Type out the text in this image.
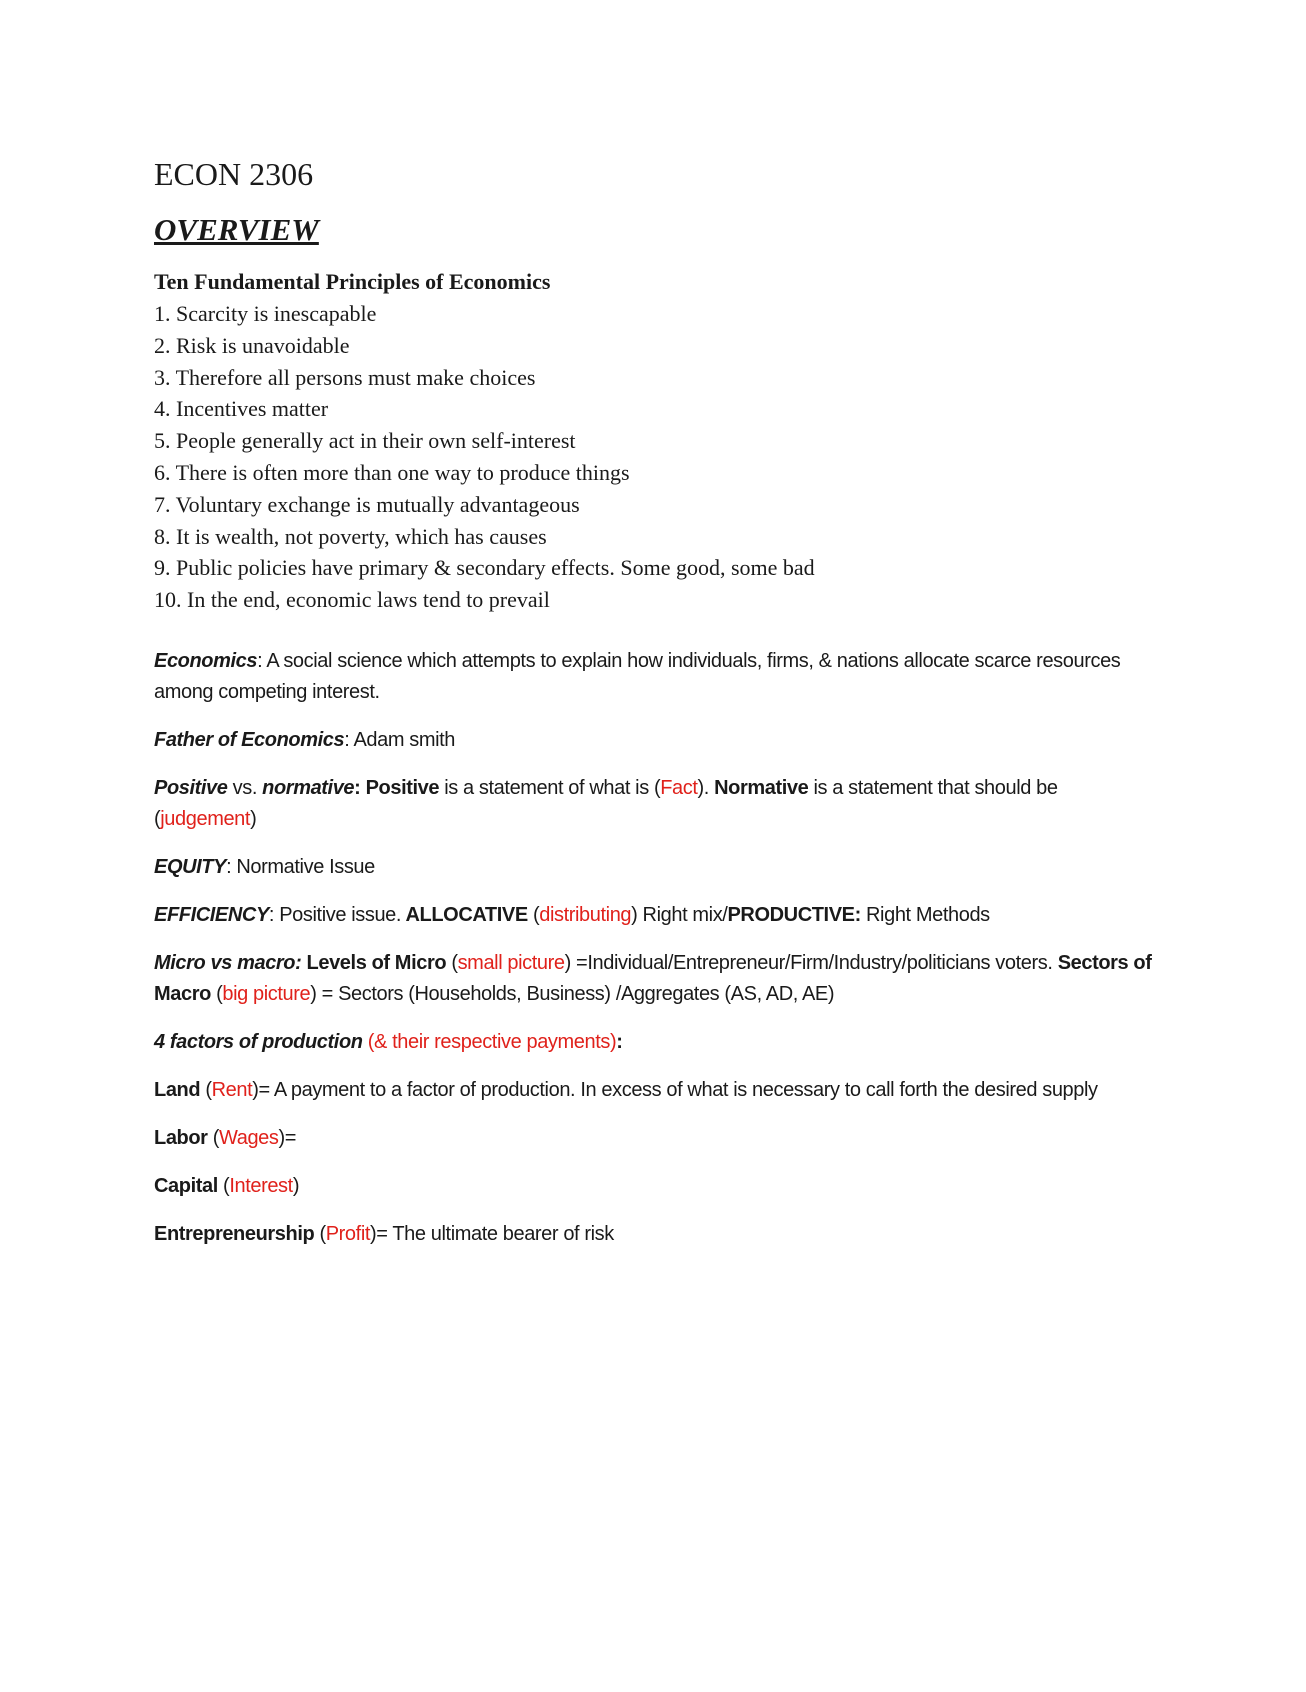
ECON 2306
OVERVIEW
Ten Fundamental Principles of Economics
1. Scarcity is inescapable
2. Risk is unavoidable
3. Therefore all persons must make choices
4. Incentives matter
5. People generally act in their own self-interest
6. There is often more than one way to produce things
7. Voluntary exchange is mutually advantageous
8. It is wealth, not poverty, which has causes
9. Public policies have primary & secondary effects. Some good, some bad
10. In the end, economic laws tend to prevail

Economics: A social science which attempts to explain how individuals, firms, & nations allocate scarce resources among competing interest.

Father of Economics: Adam smith

Positive vs. normative: Positive is a statement of what is (Fact). Normative is a statement that should be (judgement)

EQUITY: Normative Issue

EFFICIENCY: Positive issue. ALLOCATIVE (distributing) Right mix/PRODUCTIVE: Right Methods

Micro vs macro: Levels of Micro (small picture) =Individual/Entrepreneur/Firm/Industry/politicians voters. Sectors of Macro (big picture) = Sectors (Households, Business) /Aggregates (AS, AD, AE)

4 factors of production (& their respective payments):

Land (Rent)= A payment to a factor of production. In excess of what is necessary to call forth the desired supply

Labor (Wages)=

Capital (Interest)

Entrepreneurship (Profit)= The ultimate bearer of risk
